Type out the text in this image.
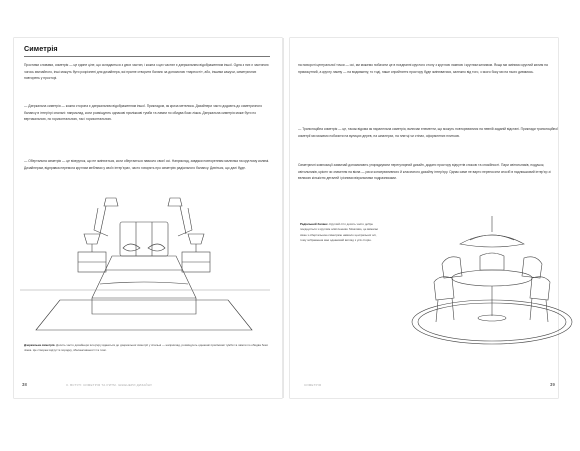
Симетрія

Простими словами, симетрія — це єдине ціле, що складається з двох частин, і кожна з цих частин є дзеркальним відображенням іншої. Одна з них є частиною чогось звичайного, інші можуть бути розрізнені для дизайнера, які прагне створити баланс за допомогою «парності», або, іншими кажучи, симетричних повторень у просторі.

— Дзеркальна симетрія — кожна сторона є дзеркальним відображенням іншої. Прикладом, як криза метелика. Дизайнери часто додають до симетричного балансу в інтер'єрі спальні: наприклад, коли розміщують однакові приліжкові тумби та лампи по обидва боки ліжка. Дзеркальна симетрія може бути по вертикальною, по горизонтальною, так і горизонтальною.

— Обертальна симетрія — це візерунок, що не змінюється, коли обертається навколо своєї осі. Наприклад, завдяки повторенням малюнка на круглому килимі. Дизайнерам, відправка перемога круглим меблями у своїх інтер'єрах, часто говорять про симетрію радіального балансу. Дивіться, що далі буде.

Дзеркальна симетрія. Досить часто дизайнери інтер'єру вдаються до дзеркальної симетрії у спальні — наприклад, розміщують однакові приліжкові тумби та лампи по обидва боки ліжка. Це створює відчуття порядку, збалансованості та тиші.
38	II. ВСТУП: СИМЕТРІЯ ТА РИТМ. ІНЖЕНЕРИ ДИЗАЙНУ

на повороті центральної точки — осі, ми можемо побачити це в поєднанні круглого столу з круглою лампою і круглим килимом. Якщо ми змінимо круглий килим на прямокутний, а круглу лампу — на видовжену, то тоді, наше сприйняття простору буде змінюватися, залежно від того, з якого боку ми на нього дивимось.

— Трансляційна симетрія — це, також відома як паралельна симетрія, включає елементи, що можуть повторюватися на певній заданій відстані. Приклади трансляційної симетрії ми можемо побачити на вулицях дерев, на шпалерах, на плитці чи стінах, оформлених плиткою.

Симетричні композиції зазвичай допомагають упорядкувати нерегулярний дизайн, додати простору відчуттів спокою та спокійності. Пари світильників, подушок, світильників, крісел чи значення на вікна — риси консервативного й класичного дизайну інтер'єру. Однак саме не варто переносити спосіб в надлишковий інтер'єр зі великою кількістю деталей і різними візуальними подразниками.

Радіальний баланс. Круглий стіл досить часто добре поєднується з круглим освітленням. Можливо, це вимагає свою з обертальною симетрією навколо центральної осі, тому зображення має однаковий вигляд з усіх сторін.
39
СИМЕТРІЯ
